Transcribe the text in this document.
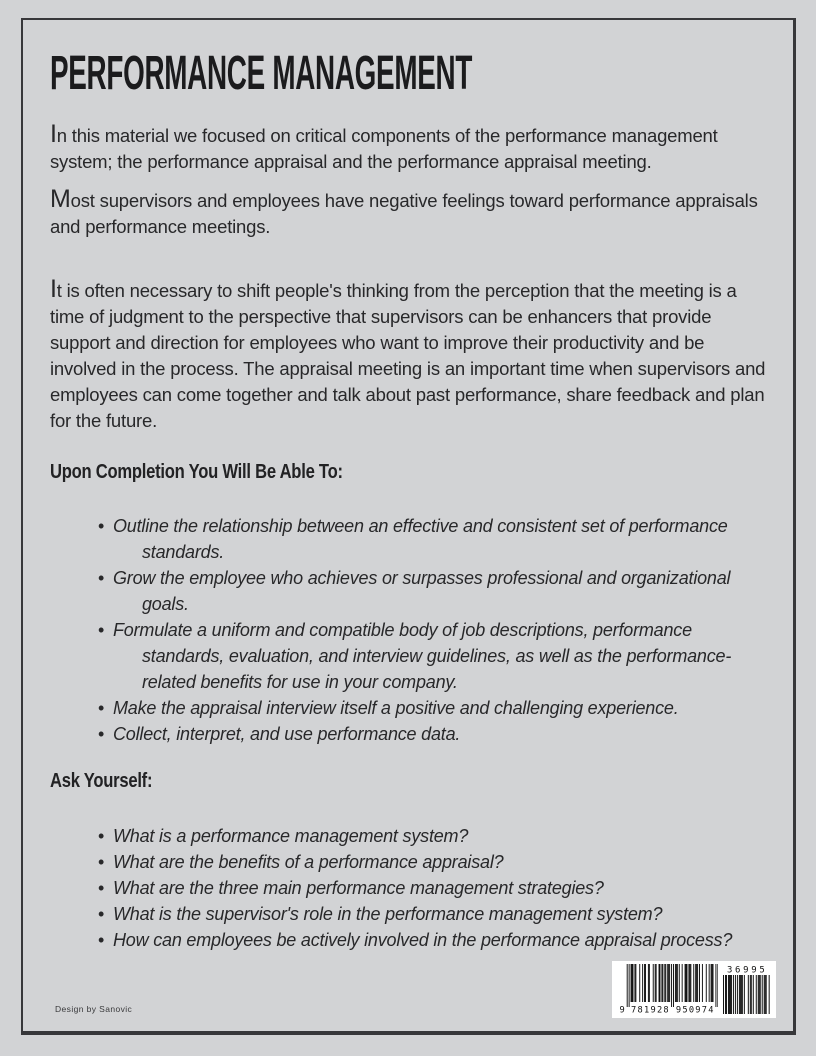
PERFORMANCE MANAGEMENT

In this material we focused on critical components of the performance management system; the performance appraisal and the performance appraisal meeting.

Most supervisors and employees have negative feelings toward performance appraisals and performance meetings.

It is often necessary to shift people's thinking from the perception that the meeting is a time of judgment to the perspective that supervisors can be enhancers that provide support and direction for employees who want to improve their productivity and be involved in the process. The appraisal meeting is an important time when supervisors and employees can come together and talk about past performance, share feedback and plan for the future.

Upon Completion You Will Be Able To:
• Outline the relationship between an effective and consistent set of performance standards.
• Grow the employee who achieves or surpasses professional and organizational goals.
• Formulate a uniform and compatible body of job descriptions, performance standards, evaluation, and interview guidelines, as well as the performance-related benefits for use in your company.
• Make the appraisal interview itself a positive and challenging experience.
• Collect, interpret, and use performance data.
Ask Yourself:
• What is a performance management system?
• What are the benefits of a performance appraisal?
• What are the three main performance management strategies?
• What is the supervisor's role in the performance management system?
• How can employees be actively involved in the performance appraisal process?
Design by Sanovic	9 781928 950974
36995
